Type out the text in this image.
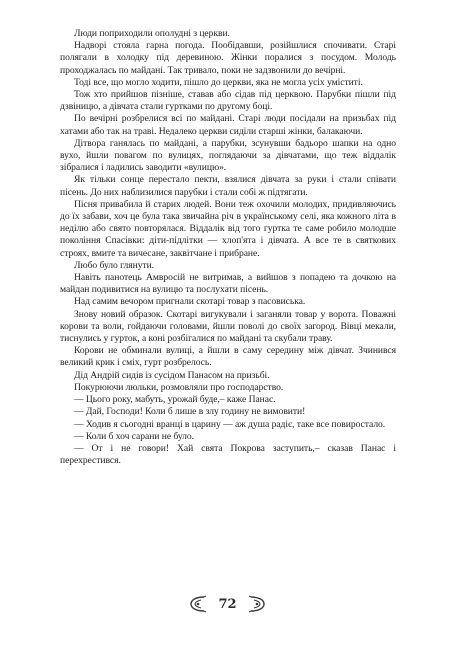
Люди поприходили ополудні з церкви.

Надворі стояла гарна погода. Пообідавши, розійшлися спочивати. Старі полягали в холодку під деревиною. Жінки поралися з посудом. Молодь проходжалась по майдані. Так тривало, поки не задзвонили до вечірні.

Тоді все, що могло ходити, пішло до церкви, яка не могла усіх уміститі.

Тож хто прийшов пізніше, ставав або сідав під церквою. Парубки пішли під дзвіницю, а дівчата стали гуртками по другому боці.

По вечірні розбрелися всі по майдані. Старі люди посідали на призьбах під хатами або так на траві. Недалеко церкви сиділи старші жінки, балакаючи.

Дітвора ганялась по майдані, а парубки, зсунувши бадьоро шапки на одно вухо, йшли повагом по вулицях, поглядаючи за дівчатами, що теж віддалік зібралися і ладились заводити «вулицю».

Як тільки сонце перестало пекти, взялися дівчата за руки і стали співати пісень. До них наблизилися парубки і стали собі ж підтягати.

Пісня привабила й старих людей. Вони теж охочили молодих, придивляючись до їх забави, хоч це була така звичайна річ в українському селі, яка кожного літа в неділю або свято повторялася. Віддалік від того гуртка те саме робило молодше покоління Спасівки: діти-підлітки — хлоп'ята і дівчата. А все те в святкових строях, вмите та вичесане, заквітчане і прибране.

Любо було глянути.

Навіть панотець Амвросій не витримав, а вийшов з попадею та дочкою на майдан подивитися на вулицю та послухати пісень.

Над самим вечором пригнали скотарі товар з пасовиська.

Знову новий образок. Скотарі вигукували і заганяли товар у ворота. Поважні корови та воли, гойдаючи головами, йшли поволі до своїх загород. Вівці мекали, тиснулись у гурток, а коні розбігалися по майдані та скубали траву.

Корови не обминали вулиці, а йшли в саму середину між дівчат. Зчинився великий крик і сміх, гурт розбрелось.

Дід Андрій сидів із сусідом Панасом на призьбі.

Покурюючи люльки, розмовляли про господарство.

— Цього року, мабуть, урожай буде,– каже Панас.

— Дай, Господи! Коли б лише в злу годину не вимовити!

— Ходив я сьогодні вранці в царину — аж душа радіє, таке все повиростало.

— Коли б хоч сарани не було.

— От і не говори! Хай свята Покрова заступить,– сказав Панас і перехрестився.

72
